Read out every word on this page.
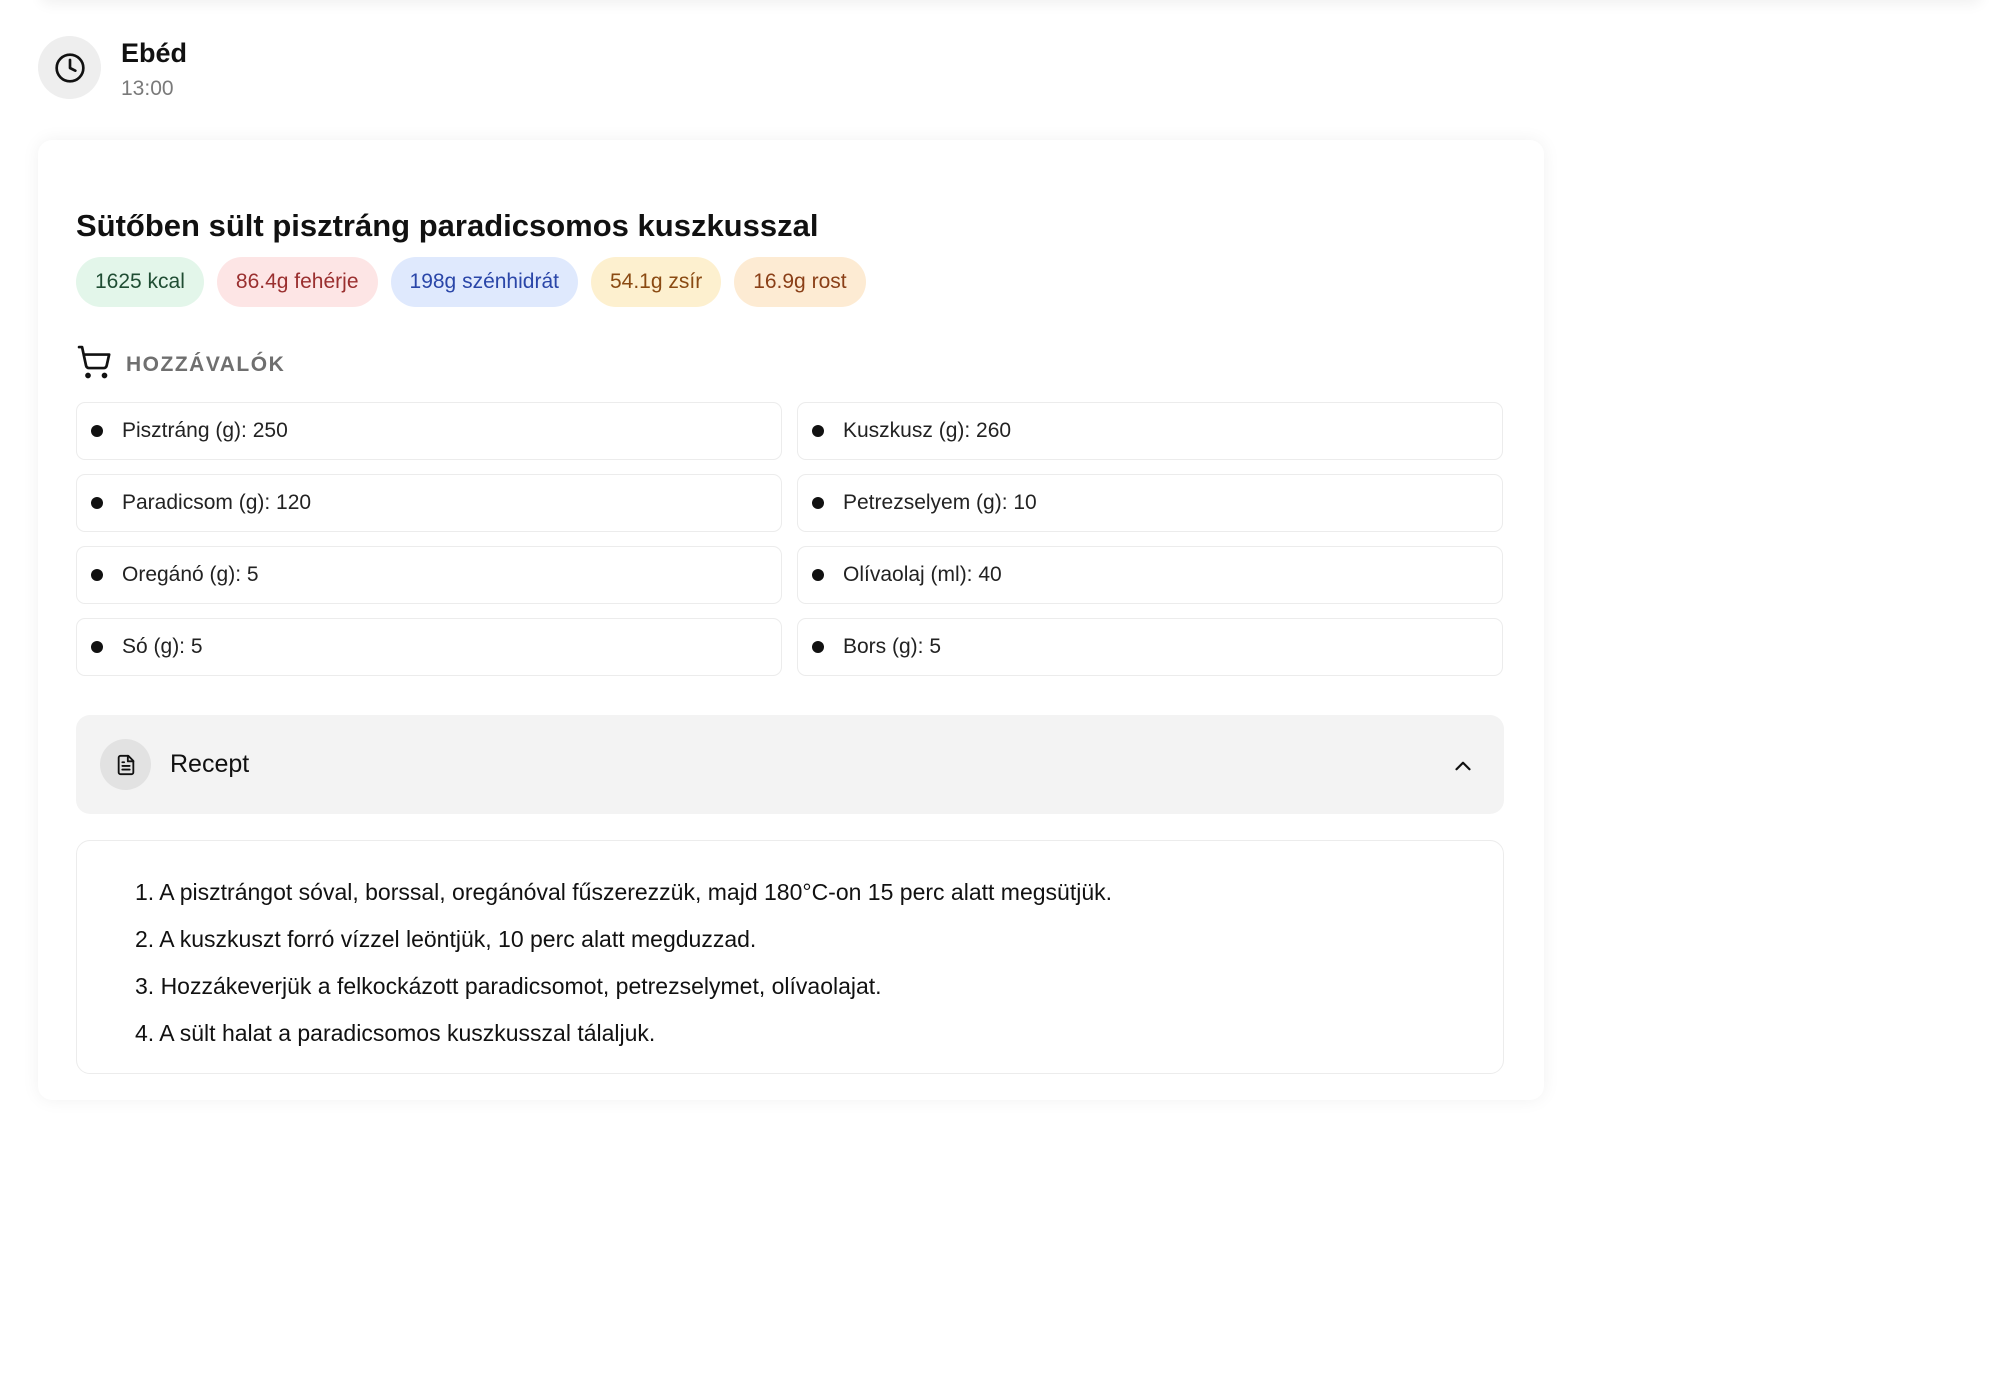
Ebéd
13:00
Sütőben sült pisztráng paradicsomos kuszkusszal
1625 kcal	86.4g fehérje	198g szénhidrát	54.1g zsír	16.9g rost
HOZZÁVALÓK
Pisztráng (g): 250	Kuszkusz (g): 260
Paradicsom (g): 120	Petrezselyem (g): 10
Oregánó (g): 5	Olívaolaj (ml): 40
Só (g): 5	Bors (g): 5
Recept
1. A pisztrángot sóval, borssal, oregánóval fűszerezzük, majd 180°C-on 15 perc alatt megsütjük.
2. A kuszkuszt forró vízzel leöntjük, 10 perc alatt megduzzad.
3. Hozzákeverjük a felkockázott paradicsomot, petrezselymet, olívaolajat.
4. A sült halat a paradicsomos kuszkusszal tálaljuk.
